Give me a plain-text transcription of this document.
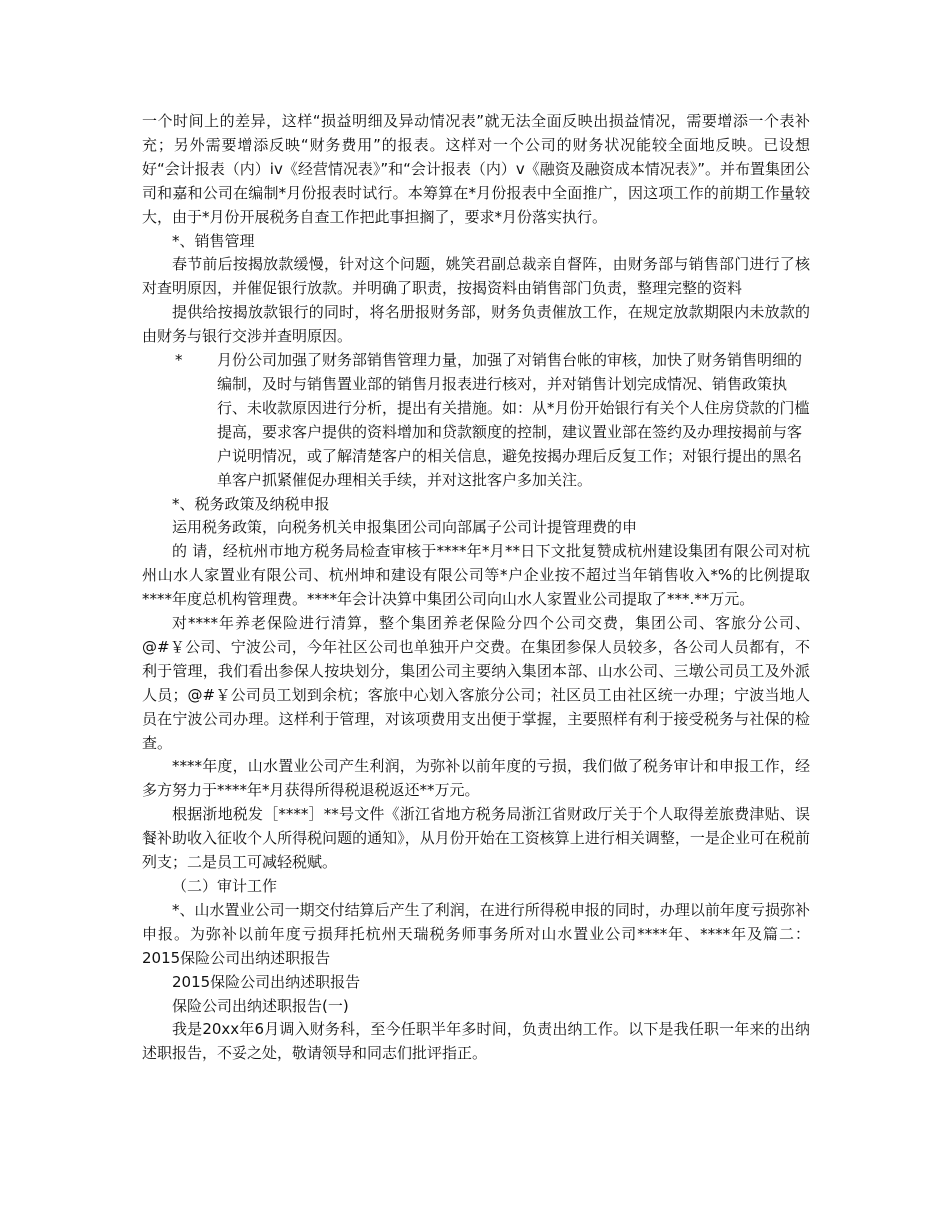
一个时间上的差异，这样“损益明细及异动情况表”就无法全面反映出损益情况，需要增添一个表补充；另外需要增添反映“财务费用”的报表。这样对一个公司的财务状况能较全面地反映。已设想好“会计报表（内）iv《经营情况表》”和“会计报表（内）v《融资及融资成本情况表》”。并布置集团公司和嘉和公司在编制*月份报表时试行。本筹算在*月份报表中全面推广，因这项工作的前期工作量较大，由于*月份开展税务自查工作把此事担搁了，要求*月份落实执行。

*、销售管理

春节前后按揭放款缓慢，针对这个问题，姚笑君副总裁亲自督阵，由财务部与销售部门进行了核对查明原因，并催促银行放款。并明确了职责，按揭资料由销售部门负责，整理完整的资料

提供给按揭放款银行的同时，将名册报财务部，财务负责催放工作，在规定放款期限内未放款的由财务与银行交涉并查明原因。

*	月份公司加强了财务部销售管理力量，加强了对销售台帐的审核，加快了财务销售明细的编制，及时与销售置业部的销售月报表进行核对，并对销售计划完成情况、销售政策执行、未收款原因进行分析，提出有关措施。如：从*月份开始银行有关个人住房贷款的门槛提高，要求客户提供的资料增加和贷款额度的控制，建议置业部在签约及办理按揭前与客户说明情况，或了解清楚客户的相关信息，避免按揭办理后反复工作；对银行提出的黑名单客户抓紧催促办理相关手续，并对这批客户多加关注。

*、税务政策及纳税申报

运用税务政策，向税务机关申报集团公司向部属子公司计提管理费的申

的 请，经杭州市地方税务局检查审核于****年*月**日下文批复赞成杭州建设集团有限公司对杭州山水人家置业有限公司、杭州坤和建设有限公司等*户企业按不超过当年销售收入*%的比例提取****年度总机构管理费。****年会计决算中集团公司向山水人家置业公司提取了***.**万元。

对****年养老保险进行清算，整个集团养老保险分四个公司交费，集团公司、客旅分公司、@#￥公司、宁波公司，今年社区公司也单独开户交费。在集团参保人员较多，各公司人员都有，不利于管理，我们看出参保人按块划分，集团公司主要纳入集团本部、山水公司、三墩公司员工及外派人员；@#￥公司员工划到余杭；客旅中心划入客旅分公司；社区员工由社区统一办理；宁波当地人员在宁波公司办理。这样利于管理，对该项费用支出便于掌握，主要照样有利于接受税务与社保的检查。

****年度，山水置业公司产生利润，为弥补以前年度的亏损，我们做了税务审计和申报工作，经多方努力于****年*月获得所得税退税返还**万元。

根据浙地税发［****］**号文件《浙江省地方税务局浙江省财政厅关于个人取得差旅费津贴、误餐补助收入征收个人所得税问题的通知》，从月份开始在工资核算上进行相关调整，一是企业可在税前列支；二是员工可减轻税赋。

（二）审计工作

*、山水置业公司一期交付结算后产生了利润，在进行所得税申报的同时，办理以前年度亏损弥补申报。为弥补以前年度亏损拜托杭州天瑞税务师事务所对山水置业公司****年、****年及篇二：2015保险公司出纳述职报告

2015保险公司出纳述职报告

保险公司出纳述职报告(一)

我是20xx年6月调入财务科，至今任职半年多时间，负责出纳工作。以下是我任职一年来的出纳述职报告，不妥之处，敬请领导和同志们批评指正。
